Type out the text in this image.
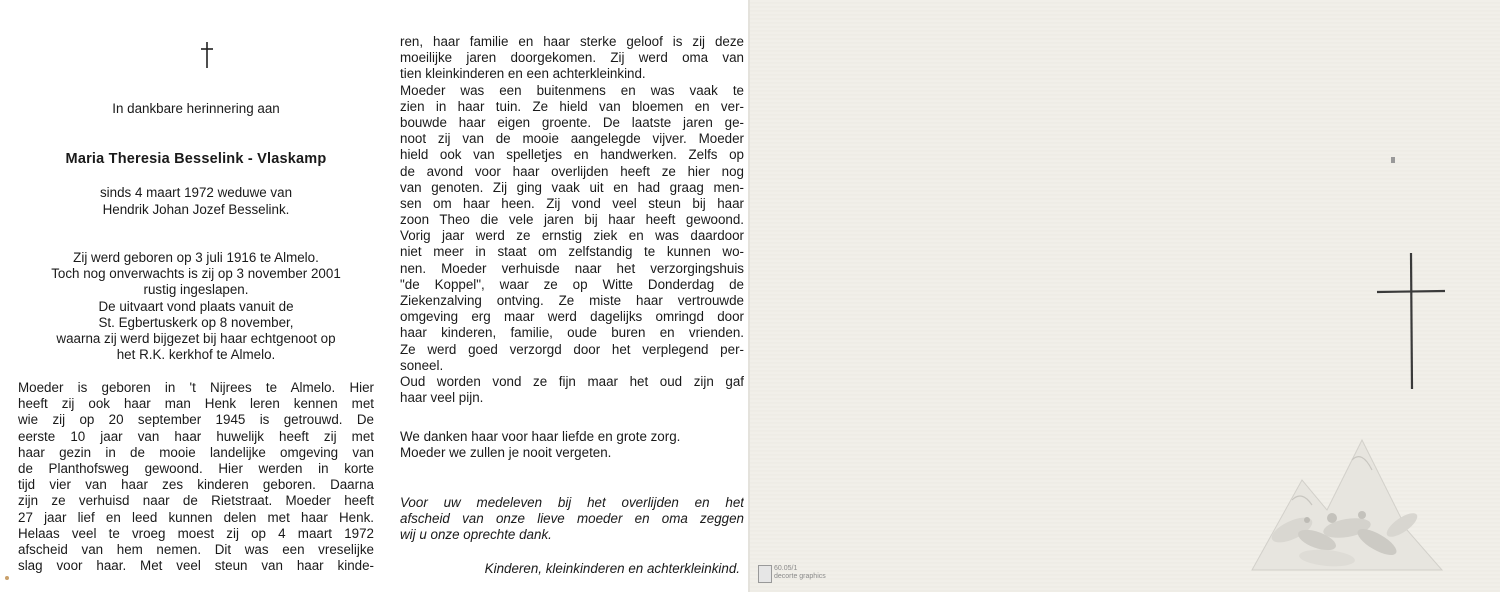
In dankbare herinnering aan
Maria Theresia Besselink - Vlaskamp
sinds 4 maart 1972 weduwe van
Hendrik Johan Jozef Besselink.
Zij werd geboren op 3 juli 1916 te Almelo.
Toch nog onverwachts is zij op 3 november 2001
rustig ingeslapen.
De uitvaart vond plaats vanuit de
St. Egbertuskerk op 8 november,
waarna zij werd bijgezet bij haar echtgenoot op
het R.K. kerkhof te Almelo.
Moeder is geboren in 't Nijrees te Almelo. Hier
heeft zij ook haar man Henk leren kennen met
wie zij op 20 september 1945 is getrouwd. De
eerste 10 jaar van haar huwelijk heeft zij met
haar gezin in de mooie landelijke omgeving van
de Planthofsweg gewoond. Hier werden in korte
tijd vier van haar zes kinderen geboren. Daarna
zijn ze verhuisd naar de Rietstraat. Moeder heeft
27 jaar lief en leed kunnen delen met haar Henk.
Helaas veel te vroeg moest zij op 4 maart 1972
afscheid van hem nemen. Dit was een vreselijke
slag voor haar. Met veel steun van haar kinde-
ren, haar familie en haar sterke geloof is zij deze
moeilijke jaren doorgekomen. Zij werd oma van
tien kleinkinderen en een achterkleinkind.
Moeder was een buitenmens en was vaak te
zien in haar tuin. Ze hield van bloemen en ver-
bouwde haar eigen groente. De laatste jaren ge-
noot zij van de mooie aangelegde vijver. Moeder
hield ook van spelletjes en handwerken. Zelfs op
de avond voor haar overlijden heeft ze hier nog
van genoten. Zij ging vaak uit en had graag men-
sen om haar heen. Zij vond veel steun bij haar
zoon Theo die vele jaren bij haar heeft gewoond.
Vorig jaar werd ze ernstig ziek en was daardoor
niet meer in staat om zelfstandig te kunnen wo-
nen. Moeder verhuisde naar het verzorgingshuis
"de Koppel", waar ze op Witte Donderdag de
Ziekenzalving ontving. Ze miste haar vertrouwde
omgeving erg maar werd dagelijks omringd door
haar kinderen, familie, oude buren en vrienden.
Ze werd goed verzorgd door het verplegend per-
soneel.
Oud worden vond ze fijn maar het oud zijn gaf
haar veel pijn.
We danken haar voor haar liefde en grote zorg.
Moeder we zullen je nooit vergeten.
Voor uw medeleven bij het overlijden en het
afscheid van onze lieve moeder en oma zeggen
wij u onze oprechte dank.
Kinderen, kleinkinderen en achterkleinkind.	60.05/1
decorte graphics
